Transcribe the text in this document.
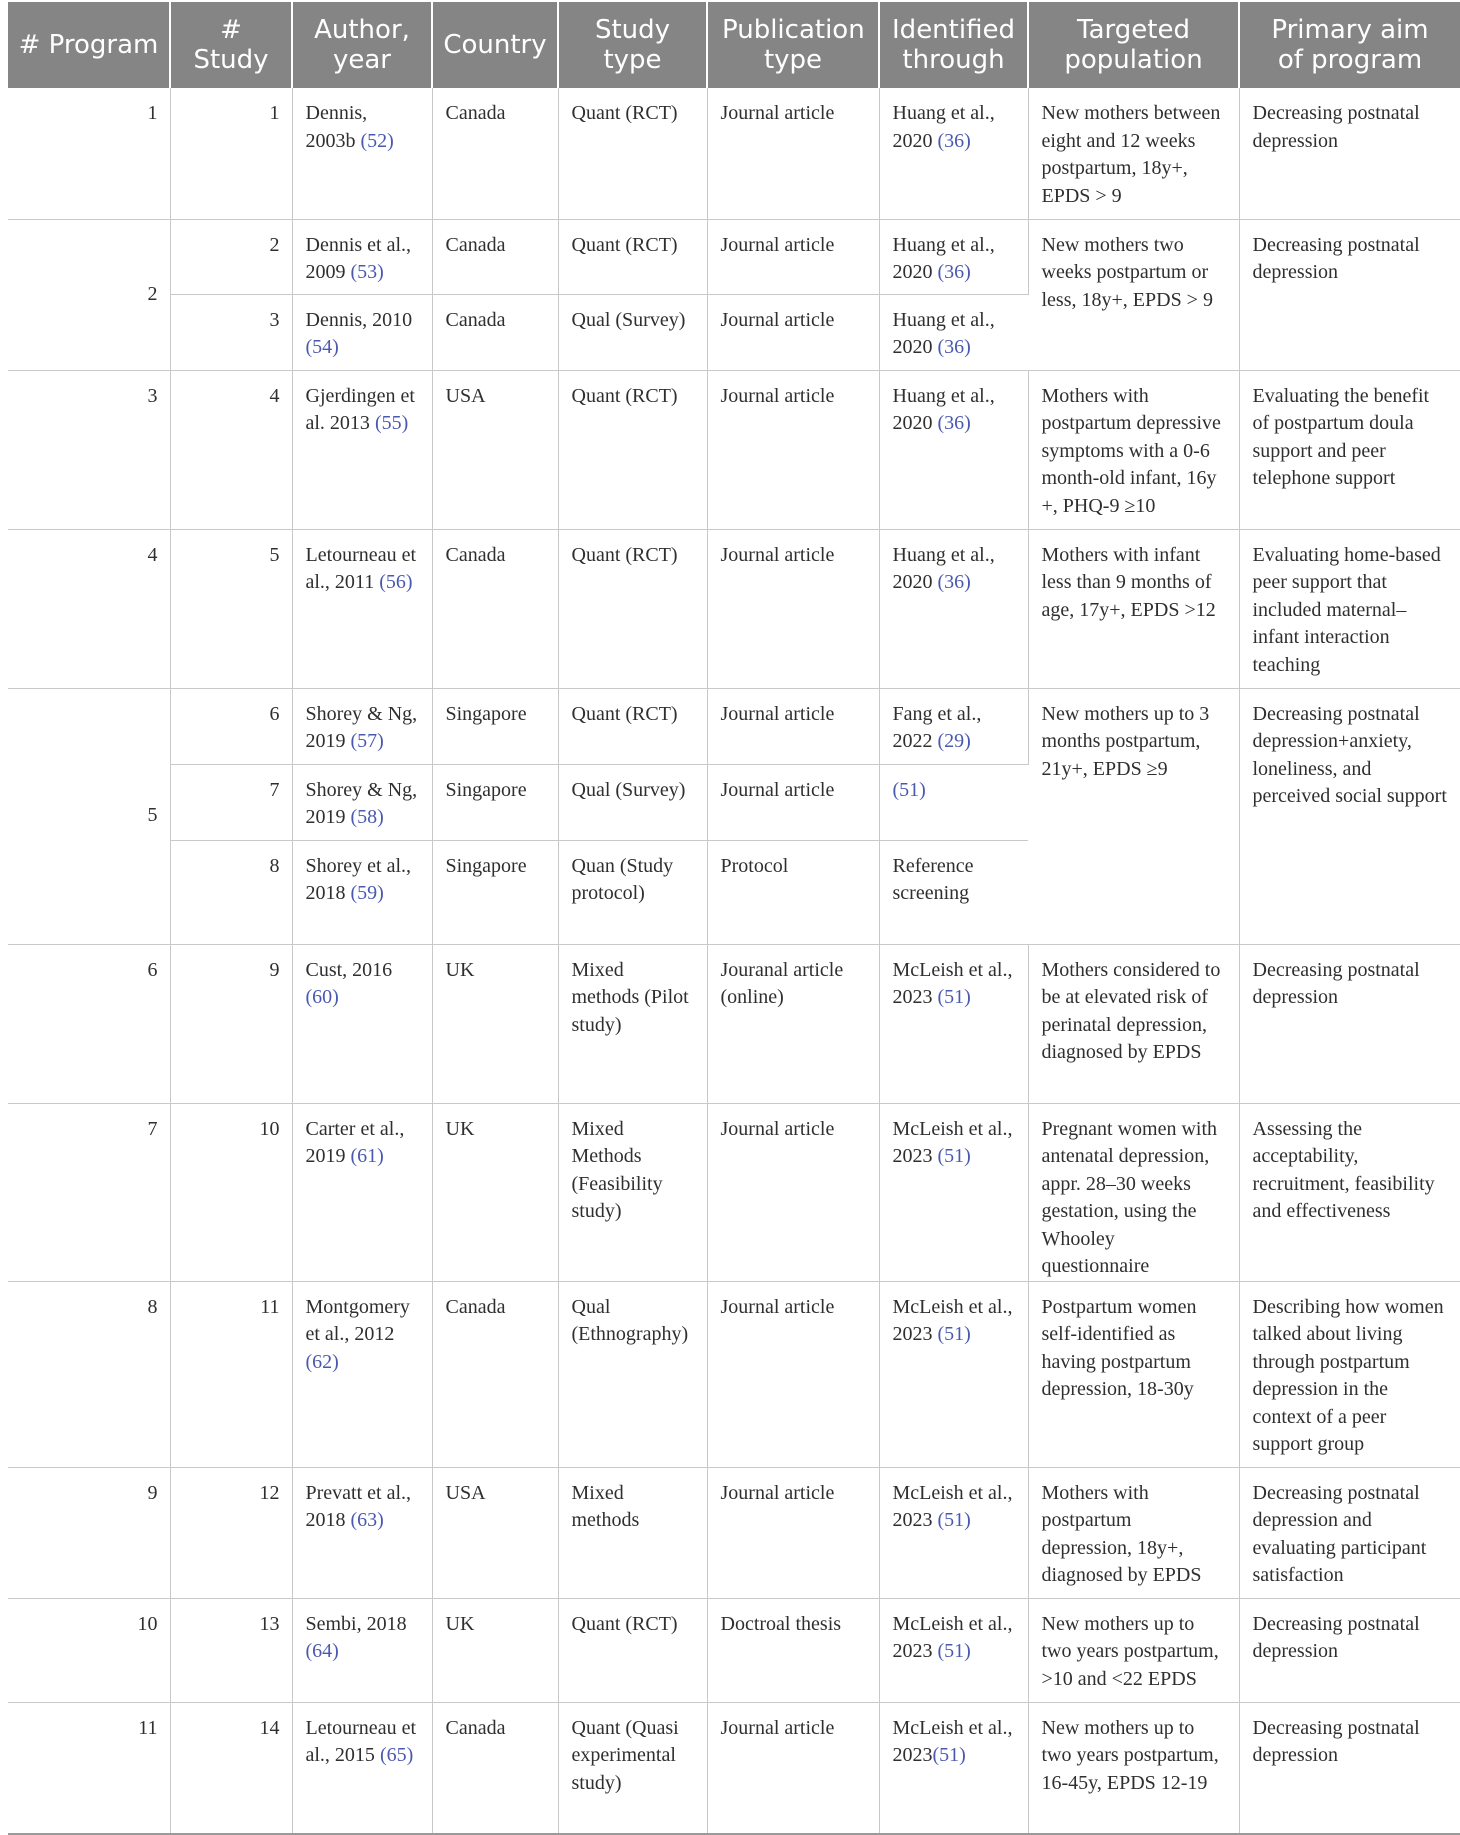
# Program	# Study	Author, year	Country	Study type	Publication type	Identified through	Targeted population	Primary aim of program
1	1	Dennis, 2003b (52)	Canada	Quant (RCT)	Journal article	Huang et al., 2020 (36)	New mothers between eight and 12 weeks postpartum, 18y+, EPDS > 9	Decreasing postnatal depression
2	2	Dennis et al., 2009 (53)	Canada	Quant (RCT)	Journal article	Huang et al., 2020 (36)	New mothers two weeks postpartum or less, 18y+, EPDS > 9	Decreasing postnatal depression
	3	Dennis, 2010 (54)	Canada	Qual (Survey)	Journal article	Huang et al., 2020 (36)		
3	4	Gjerdingen et al. 2013 (55)	USA	Quant (RCT)	Journal article	Huang et al., 2020 (36)	Mothers with postpartum depressive symptoms with a 0-6 month-old infant, 16y +, PHQ-9 ≥10	Evaluating the benefit of postpartum doula support and peer telephone support
4	5	Letourneau et al., 2011 (56)	Canada	Quant (RCT)	Journal article	Huang et al., 2020 (36)	Mothers with infant less than 9 months of age, 17y+, EPDS >12	Evaluating home-based peer support that included maternal–infant interaction teaching
5	6	Shorey & Ng, 2019 (57)	Singapore	Quant (RCT)	Journal article	Fang et al., 2022 (29)	New mothers up to 3 months postpartum, 21y+, EPDS ≥9	Decreasing postnatal depression+anxiety, loneliness, and perceived social support
	7	Shorey & Ng, 2019 (58)	Singapore	Qual (Survey)	Journal article	(51)		
	8	Shorey et al., 2018 (59)	Singapore	Quan (Study protocol)	Protocol	Reference screening		
6	9	Cust, 2016 (60)	UK	Mixed methods (Pilot study)	Jouranal article (online)	McLeish et al., 2023 (51)	Mothers considered to be at elevated risk of perinatal depression, diagnosed by EPDS	Decreasing postnatal depression
7	10	Carter et al., 2019 (61)	UK	Mixed Methods (Feasibility study)	Journal article	McLeish et al., 2023 (51)	Pregnant women with antenatal depression, appr. 28–30 weeks gestation, using the Whooley questionnaire	Assessing the acceptability, recruitment, feasibility and effectiveness
8	11	Montgomery et al., 2012 (62)	Canada	Qual (Ethnography)	Journal article	McLeish et al., 2023 (51)	Postpartum women self-identified as having postpartum depression, 18-30y	Describing how women talked about living through postpartum depression in the context of a peer support group
9	12	Prevatt et al., 2018 (63)	USA	Mixed methods	Journal article	McLeish et al., 2023 (51)	Mothers with postpartum depression, 18y+, diagnosed by EPDS	Decreasing postnatal depression and evaluating participant satisfaction
10	13	Sembi, 2018 (64)	UK	Quant (RCT)	Doctroal thesis	McLeish et al., 2023 (51)	New mothers up to two years postpartum, >10 and <22 EPDS	Decreasing postnatal depression
11	14	Letourneau et al., 2015 (65)	Canada	Quant (Quasi experimental study)	Journal article	McLeish et al., 2023(51)	New mothers up to two years postpartum, 16-45y, EPDS 12-19	Decreasing postnatal depression
